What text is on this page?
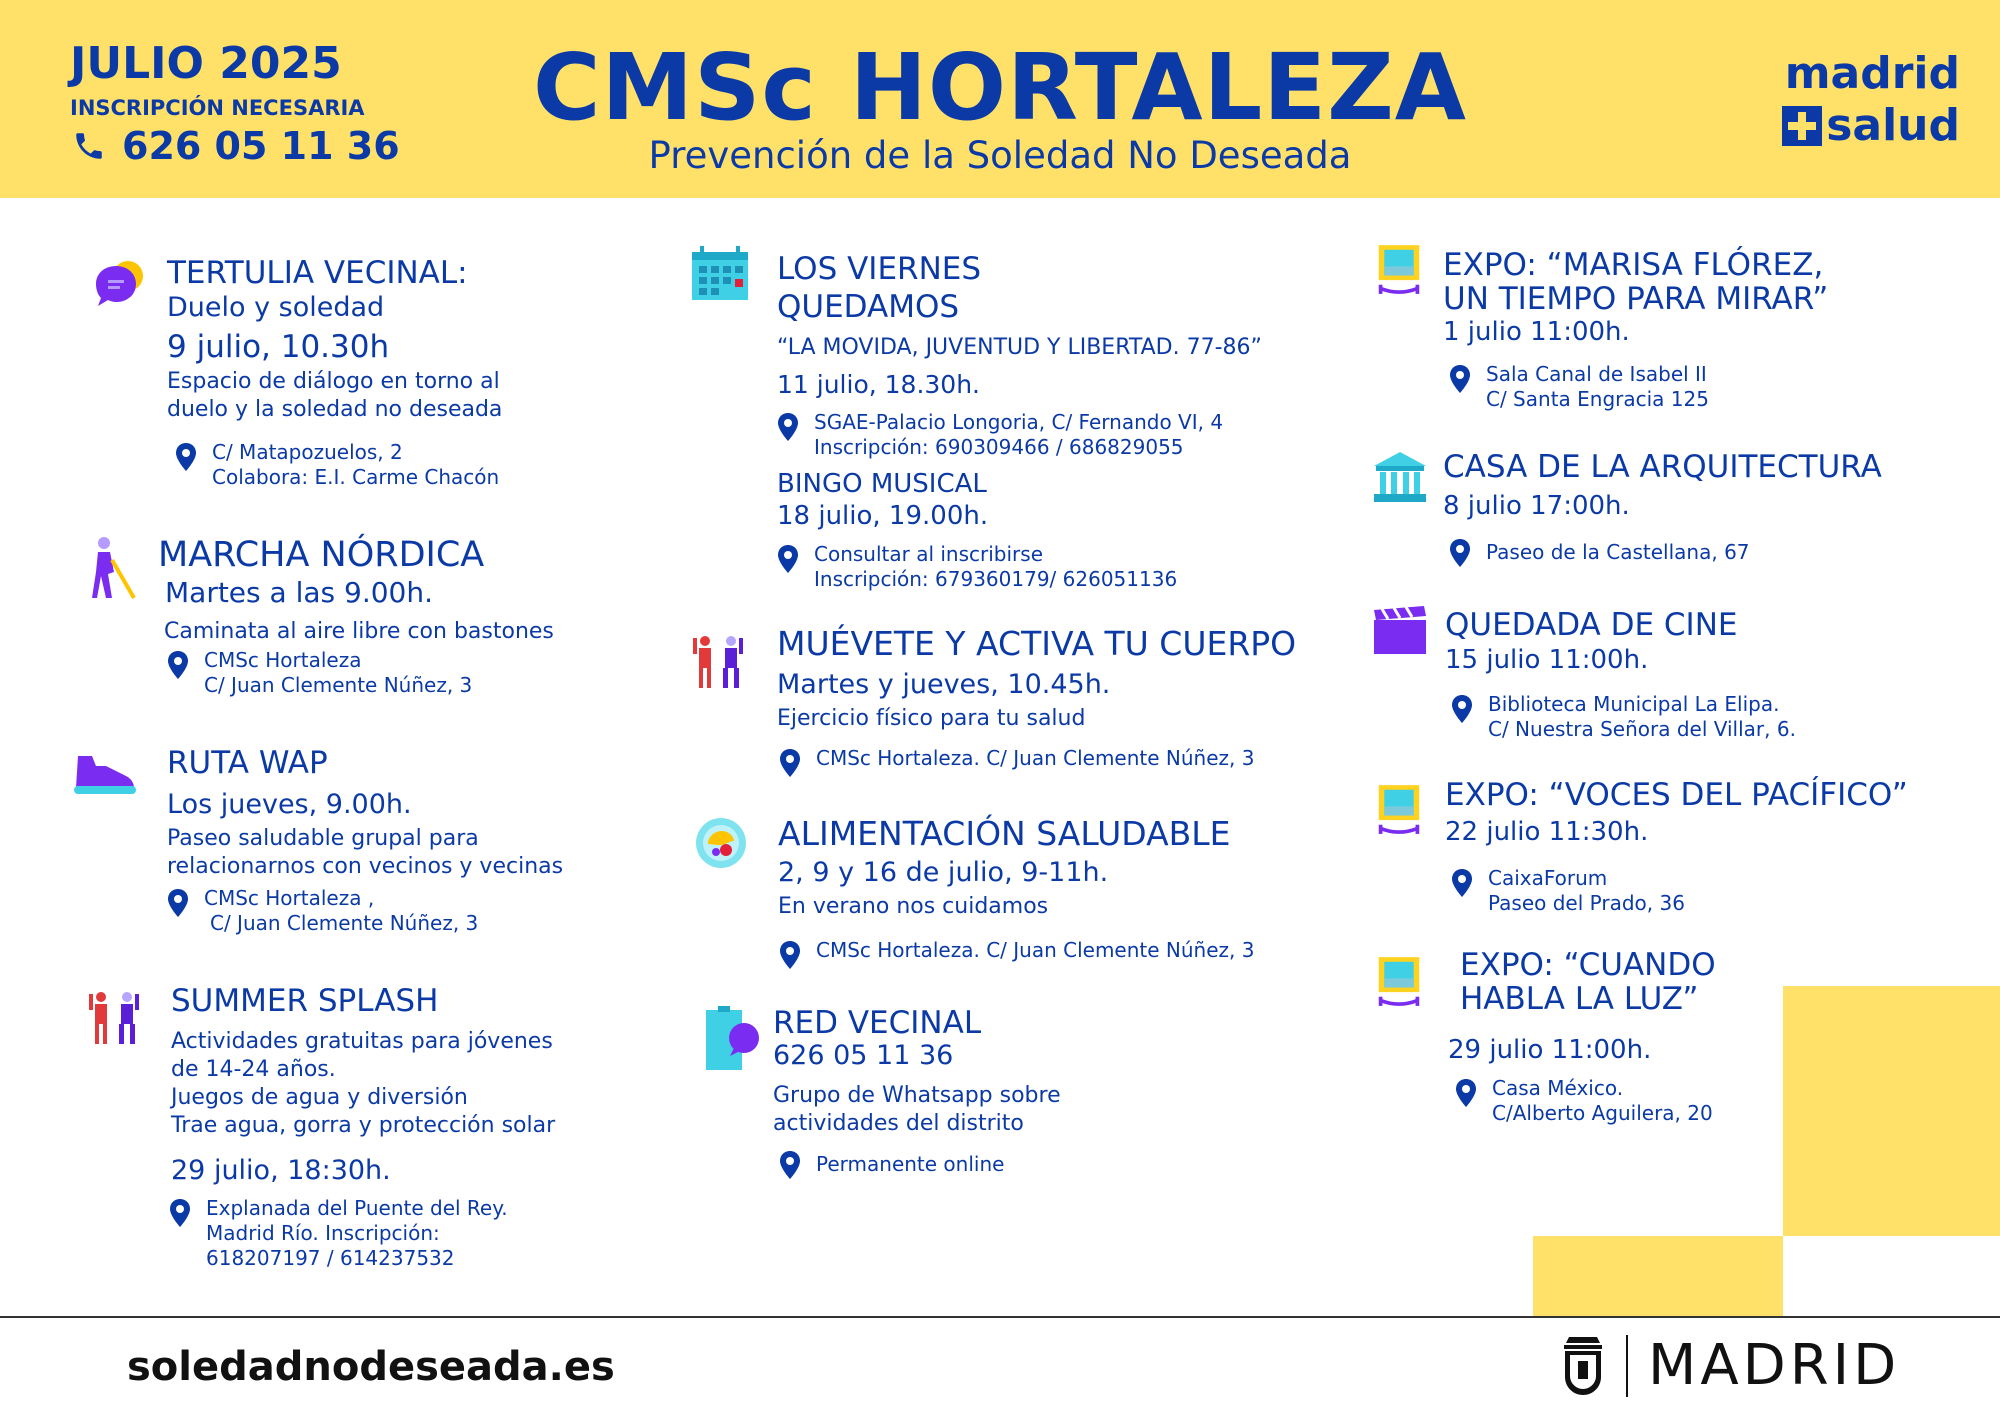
JULIO 2025
INSCRIPCIÓN NECESARIA
626 05 11 36
CMSc HORTALEZA
Prevención de la Soledad No Deseada
madrid
salud
TERTULIA VECINAL:
Duelo y soledad
9 julio, 10.30h
Espacio de diálogo en torno al
duelo y la soledad no deseada
C/ Matapozuelos, 2
Colabora: E.I. Carme Chacón
MARCHA NÓRDICA
Martes a las 9.00h.
Caminata al aire libre con bastones
CMSc Hortaleza
C/ Juan Clemente Núñez, 3
RUTA WAP
Los jueves, 9.00h.
Paseo saludable grupal para
relacionarnos con vecinos y vecinas
CMSc Hortaleza ,
C/ Juan Clemente Núñez, 3
SUMMER SPLASH
Actividades gratuitas para jóvenes
de 14-24 años.
Juegos de agua y diversión
Trae agua, gorra y protección solar
29 julio, 18:30h.
Explanada del Puente del Rey.
Madrid Río. Inscripción:
618207197 / 614237532
LOS VIERNES
QUEDAMOS
“LA MOVIDA, JUVENTUD Y LIBERTAD. 77-86”
11 julio, 18.30h.
SGAE-Palacio Longoria, C/ Fernando VI, 4
Inscripción: 690309466 / 686829055
BINGO MUSICAL
18 julio, 19.00h.
Consultar al inscribirse
Inscripción: 679360179/ 626051136
MUÉVETE Y ACTIVA TU CUERPO
Martes y jueves, 10.45h.
Ejercicio físico para tu salud
CMSc Hortaleza. C/ Juan Clemente Núñez, 3
ALIMENTACIÓN SALUDABLE
2, 9 y 16 de julio, 9-11h.
En verano nos cuidamos
CMSc Hortaleza. C/ Juan Clemente Núñez, 3
RED VECINAL
626 05 11 36
Grupo de Whatsapp sobre
actividades del distrito
Permanente online
EXPO: “MARISA FLÓREZ,
UN TIEMPO PARA MIRAR”
1 julio 11:00h.
Sala Canal de Isabel II
C/ Santa Engracia 125
CASA DE LA ARQUITECTURA
8 julio 17:00h.
Paseo de la Castellana, 67
QUEDADA DE CINE
15 julio 11:00h.
Biblioteca Municipal La Elipa.
C/ Nuestra Señora del Villar, 6.
EXPO: “VOCES DEL PACÍFICO”
22 julio 11:30h.
CaixaForum
Paseo del Prado, 36
EXPO: “CUANDO
HABLA LA LUZ”
29 julio 11:00h.
Casa México.
C/Alberto Aguilera, 20
soledadnodeseada.es	MADRID
